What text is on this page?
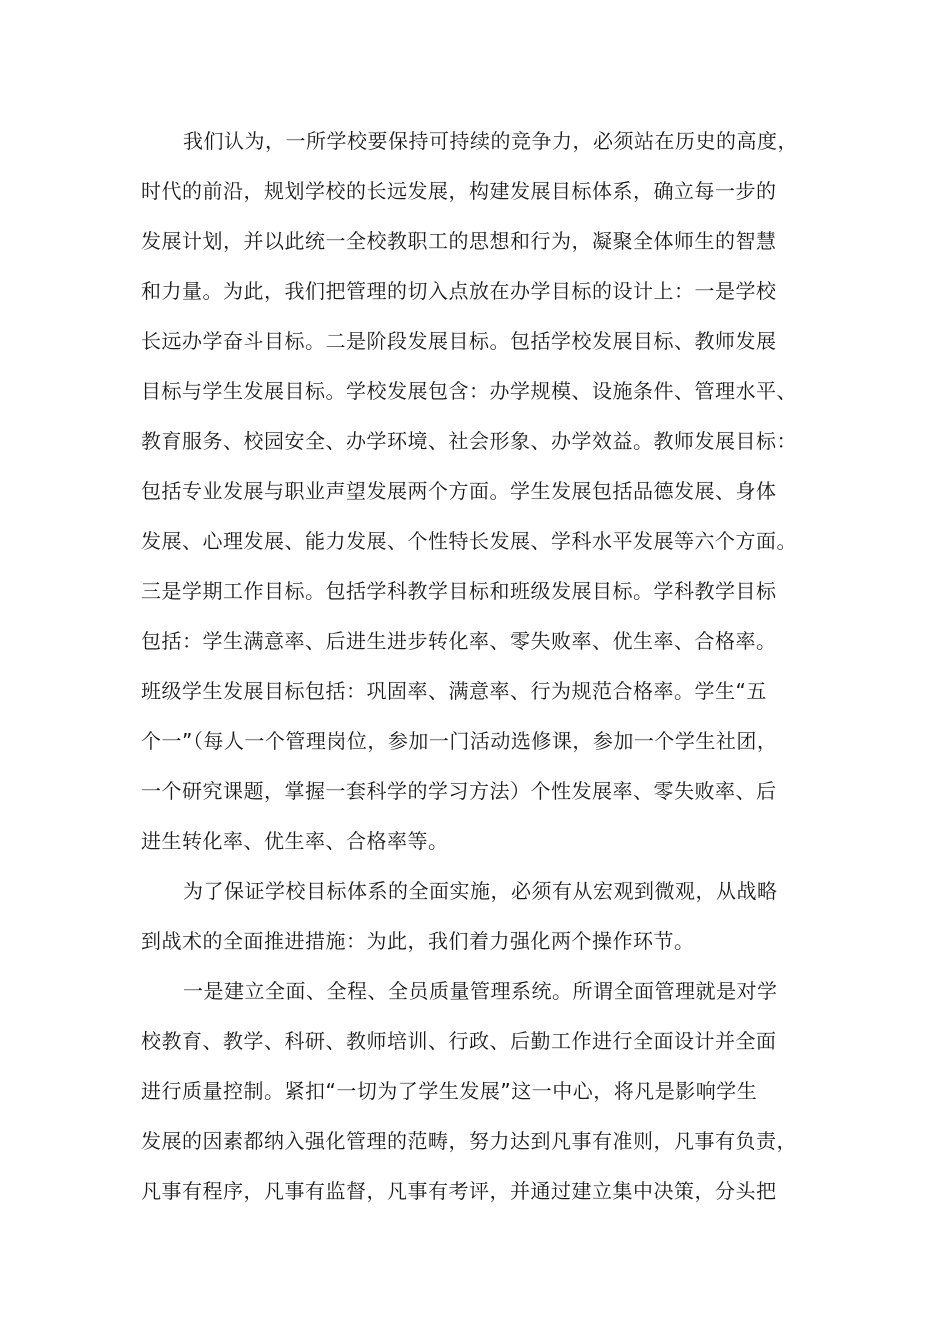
我们认为，一所学校要保持可持续的竞争力，必须站在历史的高度，
时代的前沿，规划学校的长远发展，构建发展目标体系，确立每一步的
发展计划，并以此统一全校教职工的思想和行为，凝聚全体师生的智慧
和力量。为此，我们把管理的切入点放在办学目标的设计上：一是学校
长远办学奋斗目标。二是阶段发展目标。包括学校发展目标、教师发展
目标与学生发展目标。学校发展包含：办学规模、设施条件、管理水平、
教育服务、校园安全、办学环境、社会形象、办学效益。教师发展目标：
包括专业发展与职业声望发展两个方面。学生发展包括品德发展、身体
发展、心理发展、能力发展、个性特长发展、学科水平发展等六个方面。
三是学期工作目标。包括学科教学目标和班级发展目标。学科教学目标
包括：学生满意率、后进生进步转化率、零失败率、优生率、合格率。
班级学生发展目标包括：巩固率、满意率、行为规范合格率。学生“五
个一”（每人一个管理岗位，参加一门活动选修课，参加一个学生社团，
一个研究课题，掌握一套科学的学习方法）个性发展率、零失败率、后
进生转化率、优生率、合格率等。
为了保证学校目标体系的全面实施，必须有从宏观到微观，从战略
到战术的全面推进措施：为此，我们着力强化两个操作环节。
一是建立全面、全程、全员质量管理系统。所谓全面管理就是对学
校教育、教学、科研、教师培训、行政、后勤工作进行全面设计并全面
进行质量控制。紧扣“一切为了学生发展”这一中心，将凡是影响学生
发展的因素都纳入强化管理的范畴，努力达到凡事有准则，凡事有负责，
凡事有程序，凡事有监督，凡事有考评，并通过建立集中决策，分头把
